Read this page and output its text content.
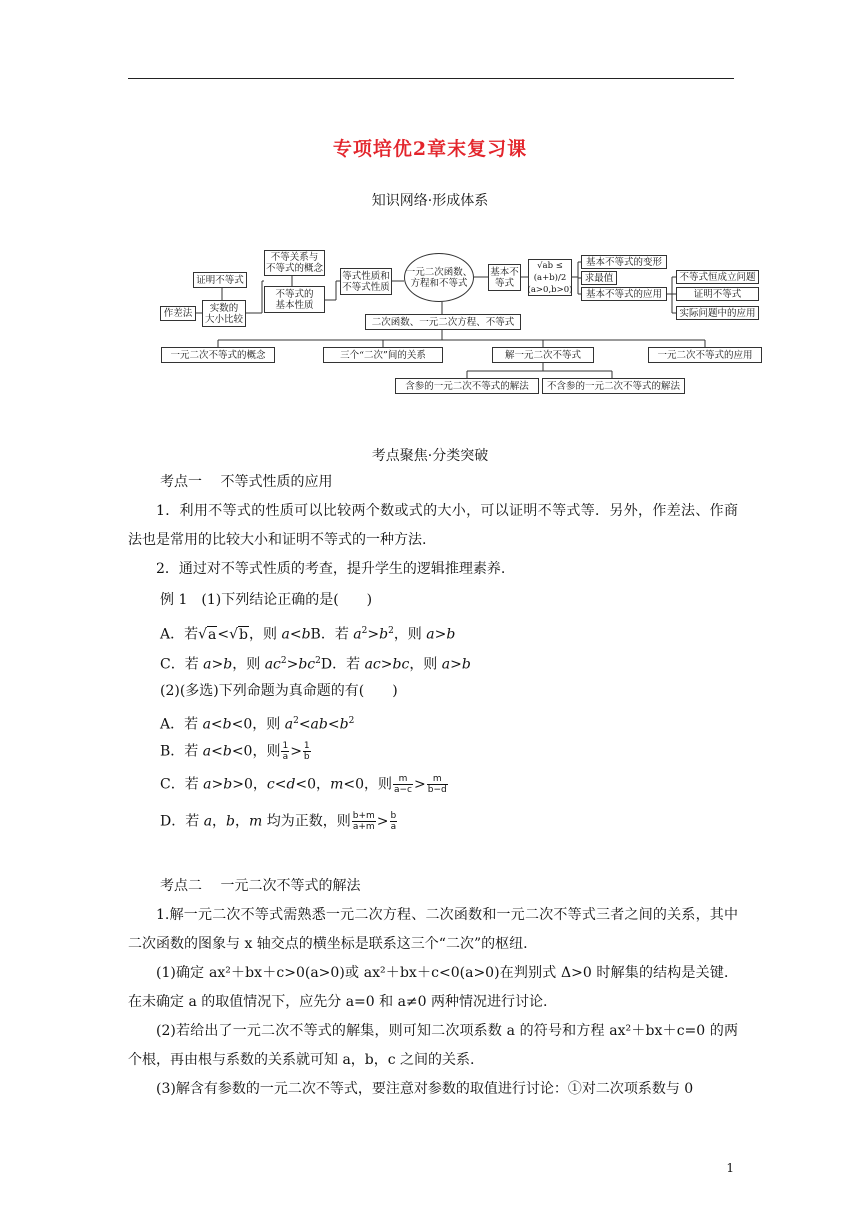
专项培优2章末复习课
知识网络·形成体系
作差法
证明不等式
实数的
大小比较
不等关系与
不等式的概念
不等式的
基本性质
等式性质和
不等式性质
一元二次函数、
方程和不等式
基本不
等式
√ab ≤ (a+b)/2
(a>0,b>0)
基本不等式的变形
求最值
基本不等式的应用
不等式恒成立问题
证明不等式
实际问题中的应用
二次函数、一元二次方程、不等式
一元二次不等式的概念	三个“二次”间的关系	解一元二次不等式	一元二次不等式的应用
含参的一元二次不等式的解法	不含参的一元二次不等式的解法
考点聚焦·分类突破
考点一 不等式性质的应用
1．利用不等式的性质可以比较两个数或式的大小，可以证明不等式等．另外，作差法、作商法也是常用的比较大小和证明不等式的一种方法.
2．通过对不等式性质的考查，提升学生的逻辑推理素养.
例 1　(1)下列结论正确的是(　　)
A．若√a<√b，则 a<bB．若 $a^2>b^2$，则 a>b
C．若 a>b，则 $ac^2>bc^2D$．若 ac>bc，则 a>b
(2)(多选)下列命题为真命题的有(　　)
A．若 a<b<0，则 $a^2<ab<b^2$
B．若 a<b<0，则 $\frac{1}{a} > \frac{1}{b}$
C．若 a>b>0，c<d<0，m<0，则 $\frac{m}{a-c} > \frac{m}{b-d}$
D．若 a，b，m 均为正数，则 $\frac{b+m}{a+m} > \frac{b}{a}$
考点二 一元二次不等式的解法
1.解一元二次不等式需熟悉一元二次方程、二次函数和一元二次不等式三者之间的关系，其中二次函数的图象与 x 轴交点的横坐标是联系这三个“二次”的枢纽.
(1)确定 ax²＋bx＋c>0(a>0)或 ax²＋bx＋c<0(a>0)在判别式 Δ>0 时解集的结构是关键．在未确定 a 的取值情况下，应先分 a=0 和 a≠0 两种情况进行讨论.
(2)若给出了一元二次不等式的解集，则可知二次项系数 a 的符号和方程 ax²＋bx＋c=0 的两个根，再由根与系数的关系就可知 a，b，c 之间的关系.
(3)解含有参数的一元二次不等式，要注意对参数的取值进行讨论：①对二次项系数与 0
1
